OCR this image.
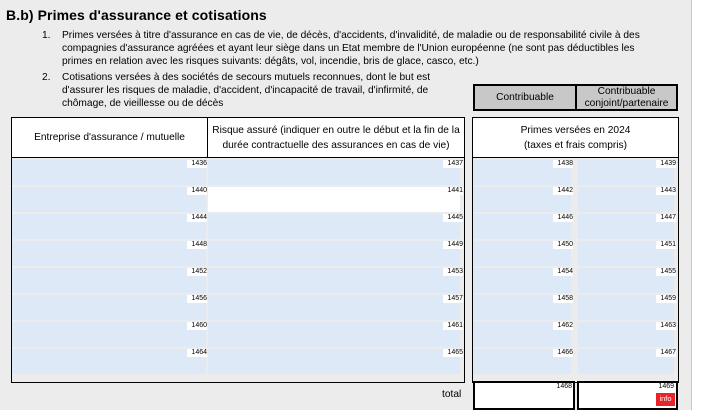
B.b) Primes d'assurance et cotisations
1.	Primes versées à titre d'assurance en cas de vie, de décès, d'accidents, d'invalidité, de maladie ou de responsabilité civile à des
compagnies d'assurance agréées et ayant leur siège dans un Etat membre de l'Union européenne (ne sont pas déductibles les
primes en relation avec les risques suivants: dégâts, vol, incendie, bris de glace, casco, etc.)
2.	Cotisations versées à des sociétés de secours mutuels reconnues, dont le but est
d'assurer les risques de maladie, d'accident, d'incapacité de travail, d'infirmité, de
chômage, de vieillesse ou de décès
Contribuable
Contribuable
conjoint/partenaire
Entreprise d'assurance / mutuelle
Risque assuré (indiquer en outre le début et la fin de la
durée contractuelle des assurances en cas de vie)
Primes versées en 2024
(taxes et frais compris)
1436	1437	1438	1439
1440	1441	1442	1443
1444	1445	1446	1447
1448	1449	1450	1451
1452	1453	1454	1455
1456	1457	1458	1459
1460	1461	1462	1463
1464	1465	1466	1467
total
1468	1469
info
